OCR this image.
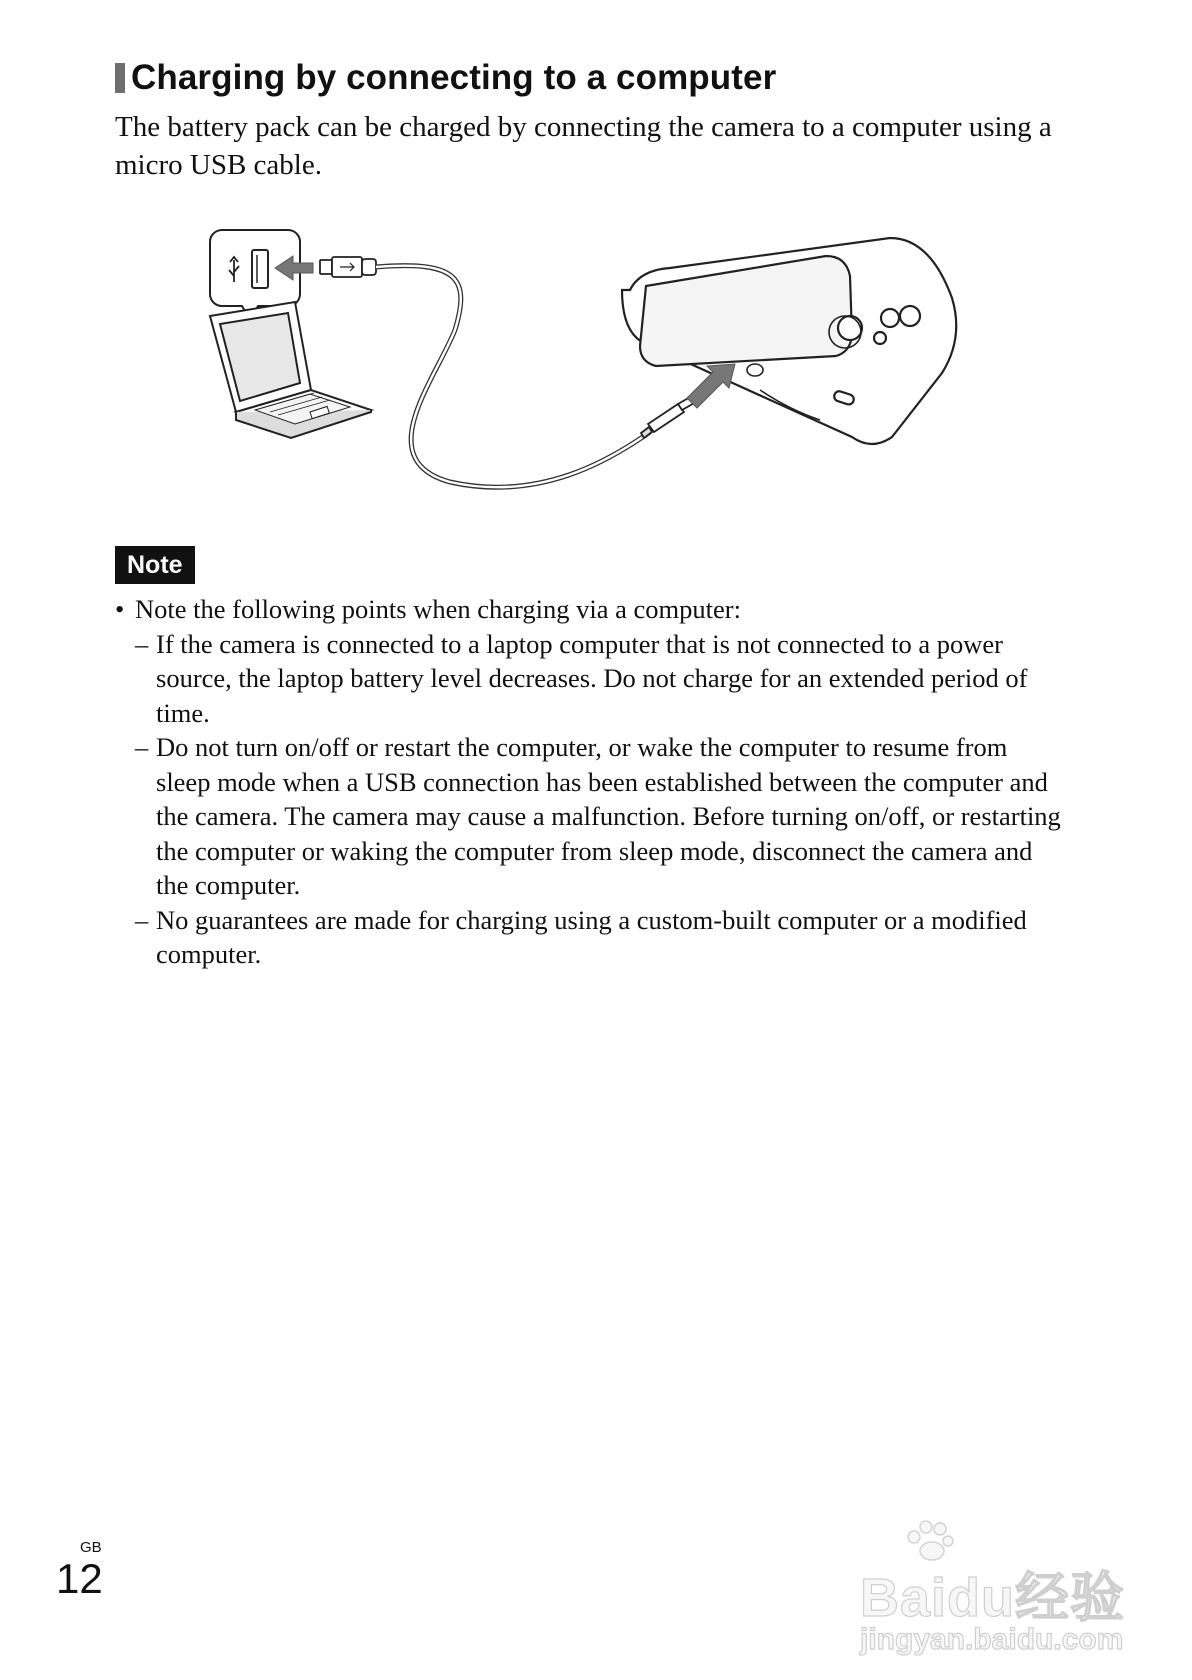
Charging by connecting to a computer

The battery pack can be charged by connecting the camera to a computer using a micro USB cable.

Note
• Note the following points when charging via a computer:
– If the camera is connected to a laptop computer that is not connected to a power source, the laptop battery level decreases. Do not charge for an extended period of time.
– Do not turn on/off or restart the computer, or wake the computer to resume from sleep mode when a USB connection has been established between the computer and the camera. The camera may cause a malfunction. Before turning on/off, or restarting the computer or waking the computer from sleep mode, disconnect the camera and the computer.
– No guarantees are made for charging using a custom-built computer or a modified computer.
GB
12	Baidu经验
jingyan.baidu.com
